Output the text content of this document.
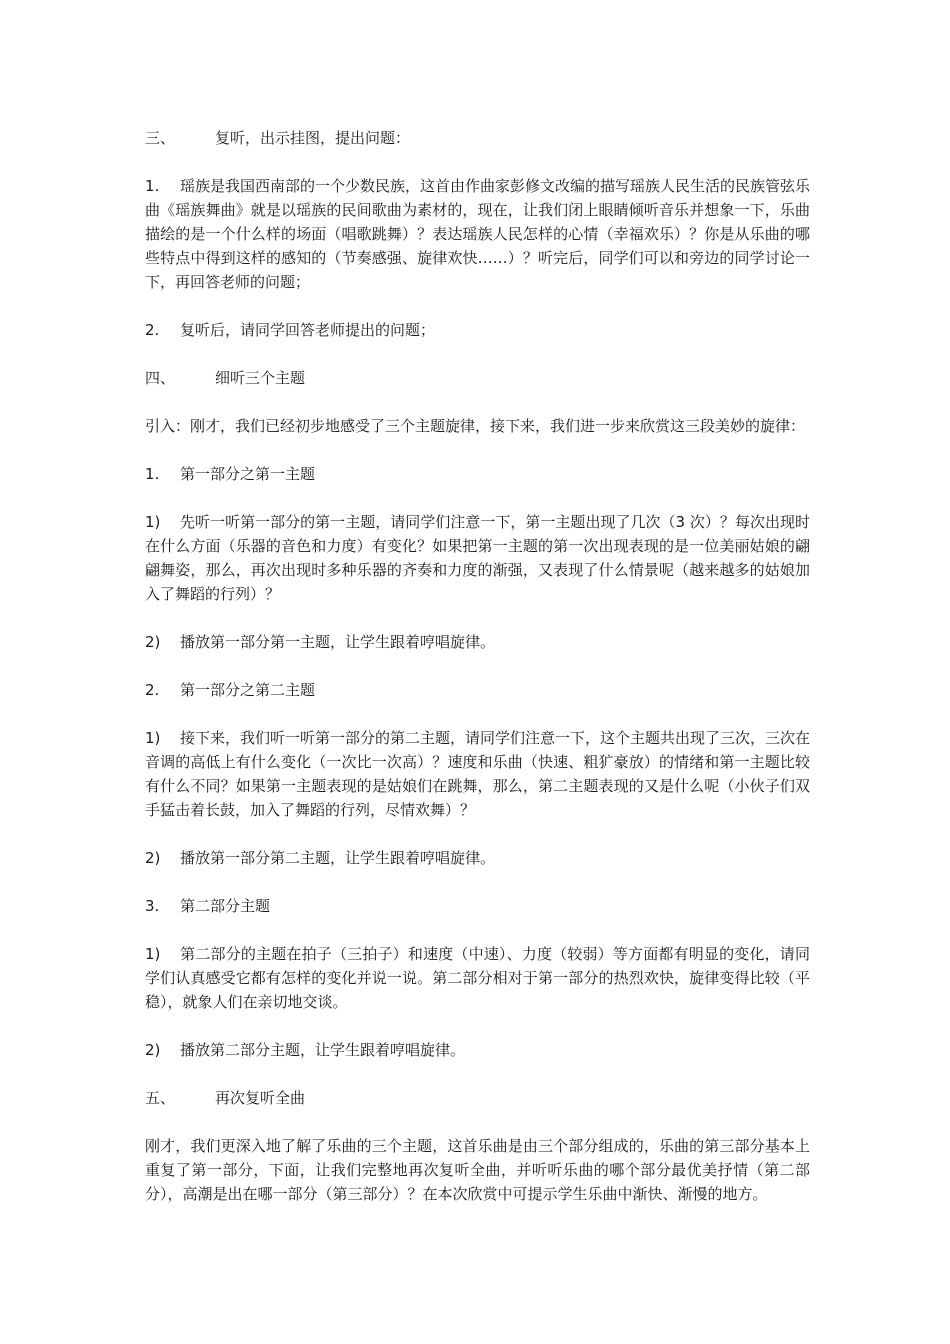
三、	复听，出示挂图，提出问题：

1. 瑶族是我国西南部的一个少数民族，这首由作曲家彭修文改编的描写瑶族人民生活的民族管弦乐曲《瑶族舞曲》就是以瑶族的民间歌曲为素材的，现在，让我们闭上眼睛倾听音乐并想象一下，乐曲描绘的是一个什么样的场面（唱歌跳舞）？表达瑶族人民怎样的心情（幸福欢乐）？你是从乐曲的哪些特点中得到这样的感知的（节奏感强、旋律欢快……）？听完后，同学们可以和旁边的同学讨论一下，再回答老师的问题；

2. 复听后，请同学回答老师提出的问题；

四、	细听三个主题

引入：刚才，我们已经初步地感受了三个主题旋律，接下来，我们进一步来欣赏这三段美妙的旋律：

1. 第一部分之第一主题

1) 先听一听第一部分的第一主题，请同学们注意一下，第一主题出现了几次（3 次）？每次出现时在什么方面（乐器的音色和力度）有变化？如果把第一主题的第一次出现表现的是一位美丽姑娘的翩翩舞姿，那么，再次出现时多种乐器的齐奏和力度的渐强，又表现了什么情景呢（越来越多的姑娘加入了舞蹈的行列）？

2) 播放第一部分第一主题，让学生跟着哼唱旋律。

2. 第一部分之第二主题

1) 接下来，我们听一听第一部分的第二主题，请同学们注意一下，这个主题共出现了三次，三次在音调的高低上有什么变化（一次比一次高）？速度和乐曲（快速、粗犷豪放）的情绪和第一主题比较有什么不同？如果第一主题表现的是姑娘们在跳舞，那么，第二主题表现的又是什么呢（小伙子们双手猛击着长鼓，加入了舞蹈的行列，尽情欢舞）？

2) 播放第一部分第二主题，让学生跟着哼唱旋律。

3. 第二部分主题

1) 第二部分的主题在拍子（三拍子）和速度（中速）、力度（较弱）等方面都有明显的变化，请同学们认真感受它都有怎样的变化并说一说。第二部分相对于第一部分的热烈欢快，旋律变得比较（平稳），就象人们在亲切地交谈。

2) 播放第二部分主题，让学生跟着哼唱旋律。

五、	再次复听全曲

刚才，我们更深入地了解了乐曲的三个主题，这首乐曲是由三个部分组成的，乐曲的第三部分基本上重复了第一部分，下面，让我们完整地再次复听全曲，并听听乐曲的哪个部分最优美抒情（第二部分），高潮是出在哪一部分（第三部分）？在本次欣赏中可提示学生乐曲中渐快、渐慢的地方。
